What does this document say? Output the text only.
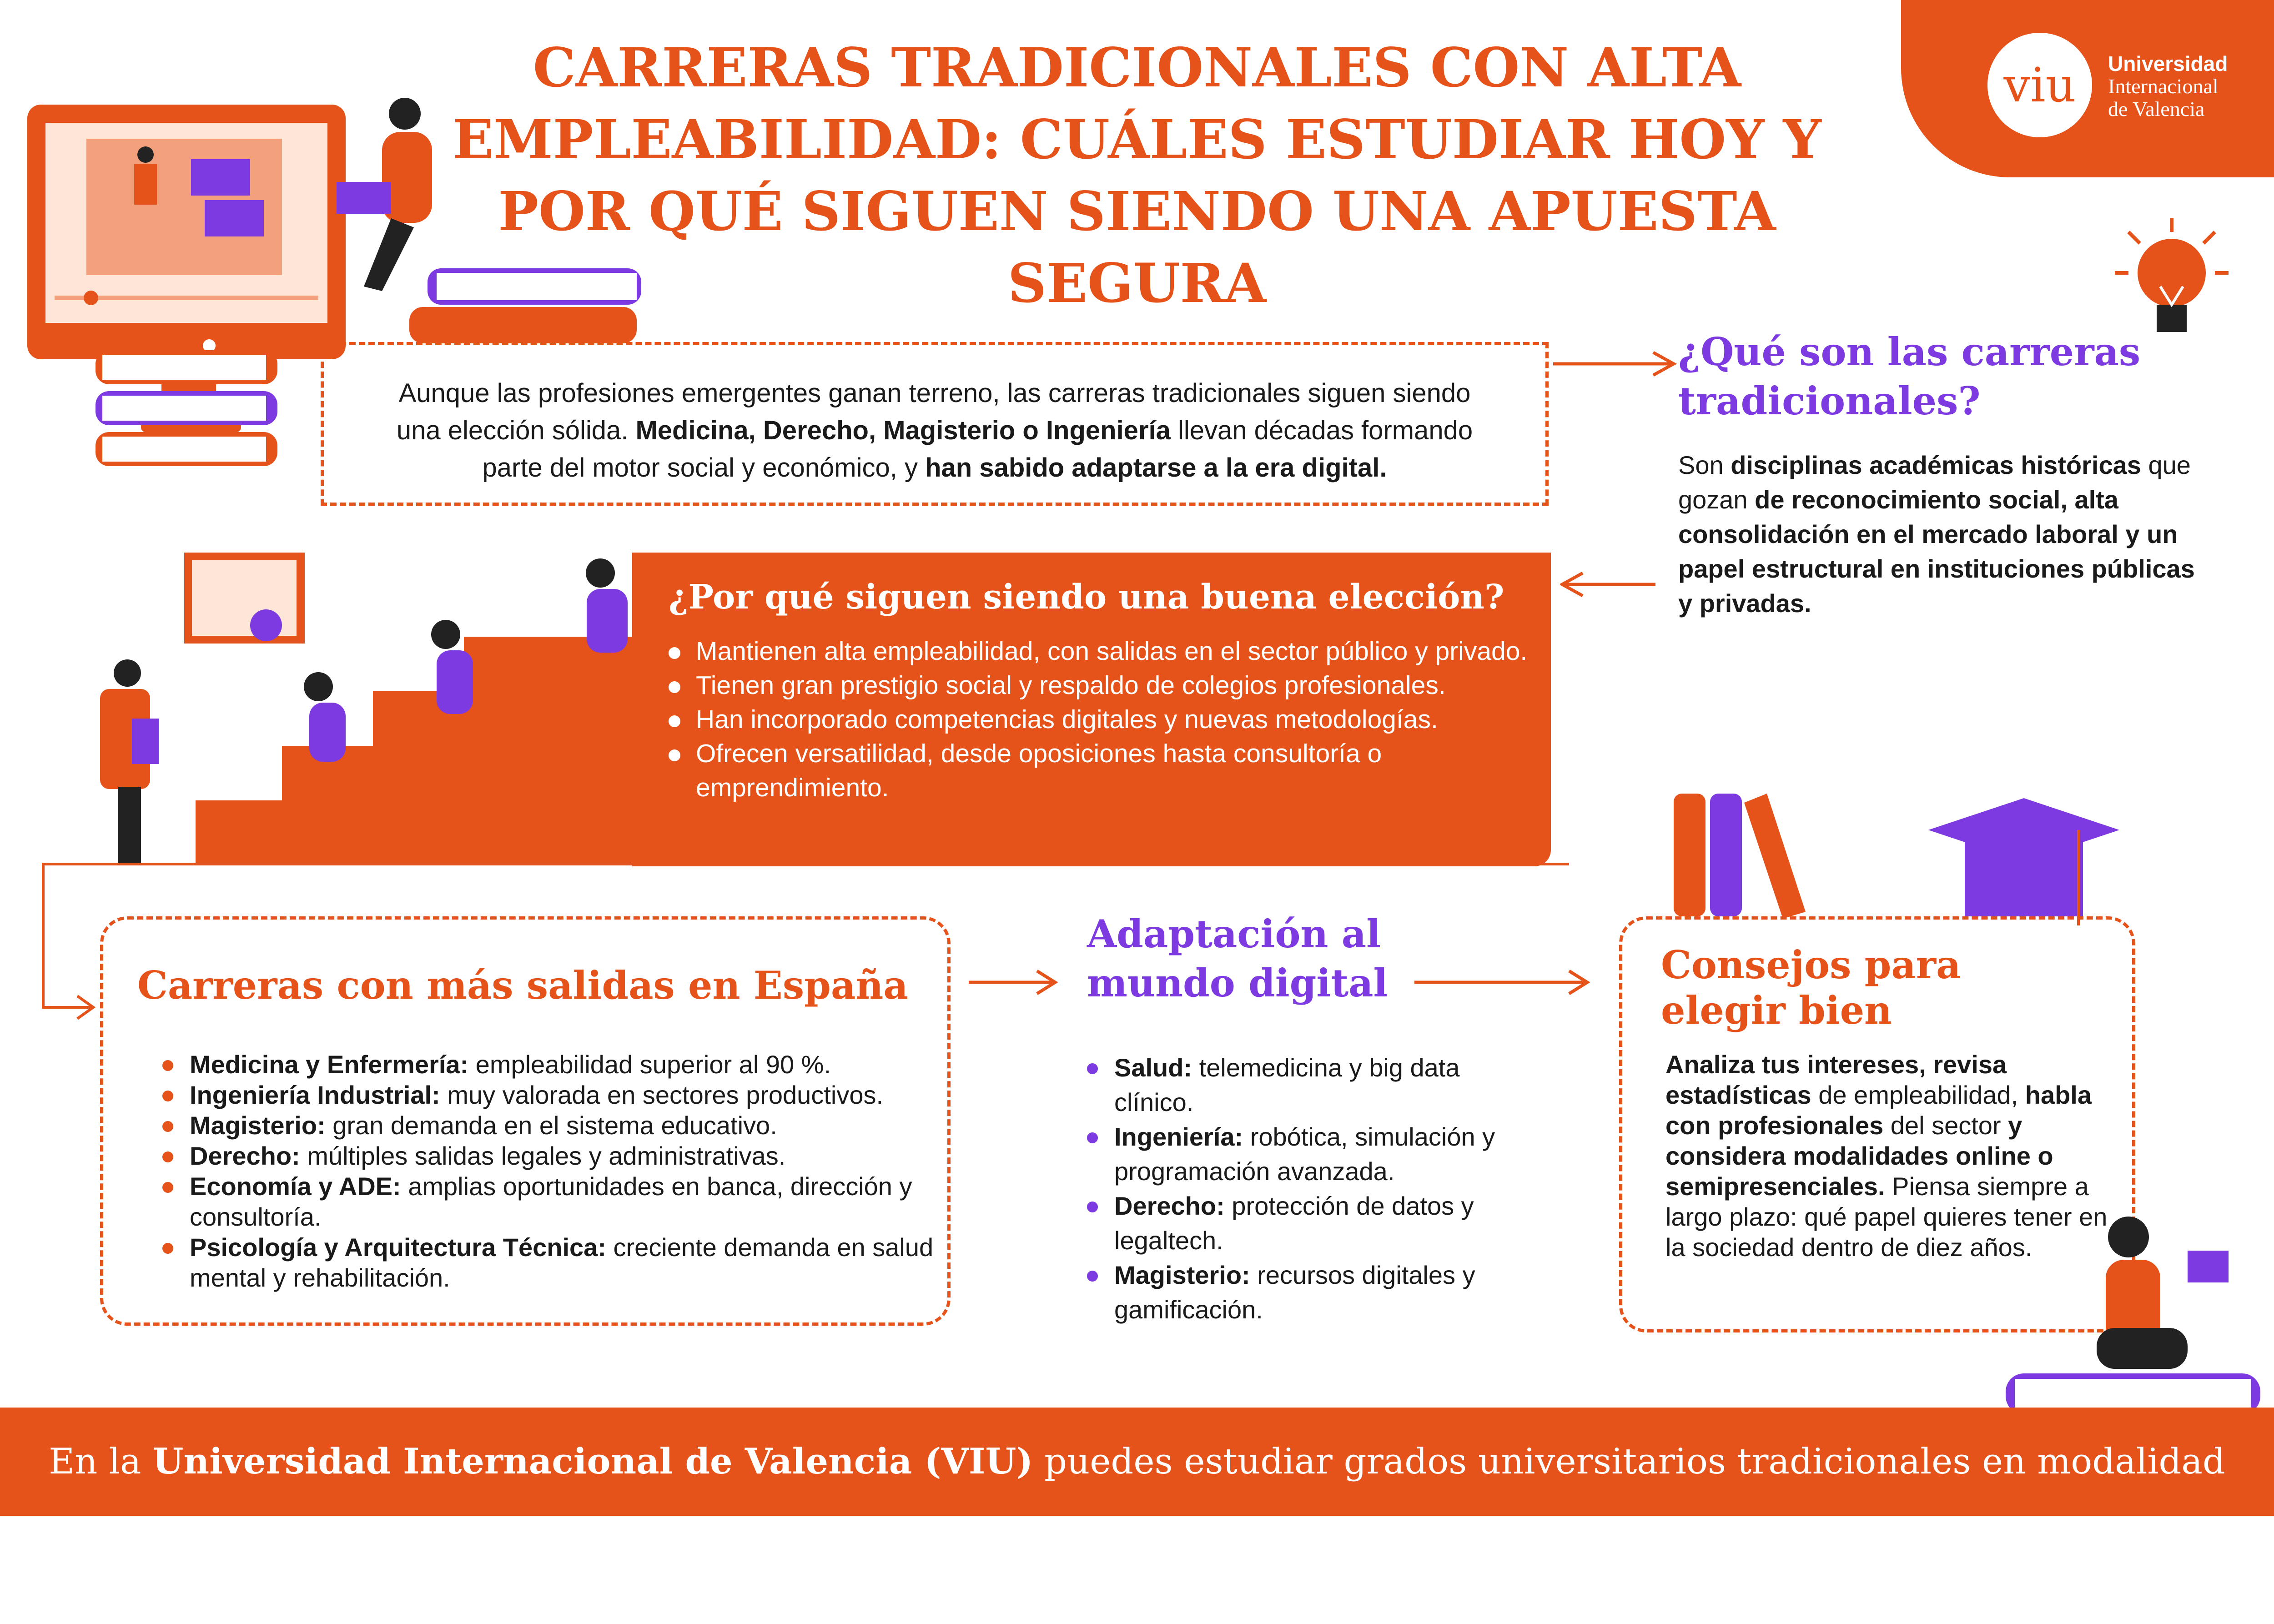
CARRERAS TRADICIONALES CON ALTA
EMPLEABILIDAD: CUÁLES ESTUDIAR HOY Y
POR QUÉ SIGUEN SIENDO UNA APUESTA SEGURA
viu	Universidad
Internacional
de Valencia

Aunque las profesiones emergentes ganan terreno, las carreras tradicionales siguen siendo

una elección sólida. Medicina, Derecho, Magisterio o Ingeniería llevan décadas formando

parte del motor social y económico, y han sabido adaptarse a la era digital.

¿Qué son las carreras tradicionales?
Son disciplinas académicas históricas que gozan de reconocimiento social, alta consolidación en el mercado laboral y un papel estructural en instituciones públicas y privadas.
¿Por qué siguen siendo una buena elección?
Mantienen alta empleabilidad, con salidas en el sector público y privado.
Tienen gran prestigio social y respaldo de colegios profesionales.
Han incorporado competencias digitales y nuevas metodologías.
Ofrecen versatilidad, desde oposiciones hasta consultoría o emprendimiento.
Carreras con más salidas en España
Medicina y Enfermería: empleabilidad superior al 90 %.
Ingeniería Industrial: muy valorada en sectores productivos.
Magisterio: gran demanda en el sistema educativo.
Derecho: múltiples salidas legales y administrativas.
Economía y ADE: amplias oportunidades en banca, dirección y consultoría.
Psicología y Arquitectura Técnica: creciente demanda en salud mental y rehabilitación.
Adaptación al mundo digital
Salud: telemedicina y big data clínico.
Ingeniería: robótica, simulación y programación avanzada.
Derecho: protección de datos y legaltech.
Magisterio: recursos digitales y gamificación.
Consejos para elegir bien
Analiza tus intereses, revisa estadísticas de empleabilidad, habla con profesionales del sector y considera modalidades online o semipresenciales. Piensa siempre a largo plazo: qué papel quieres tener en la sociedad dentro de diez años.
En la Universidad Internacional de Valencia (VIU) puedes estudiar grados universitarios tradicionales en modalidad online.
